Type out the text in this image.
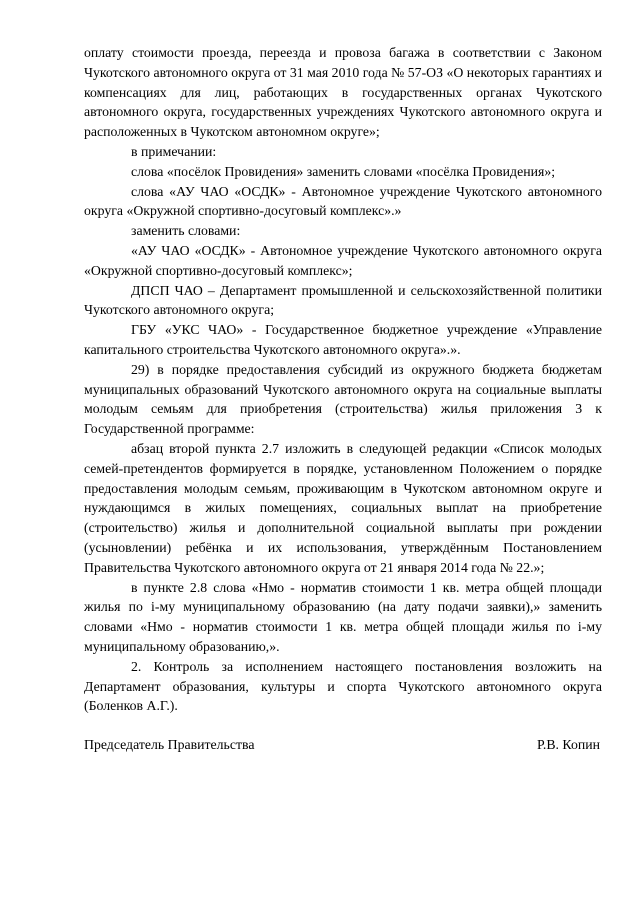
оплату стоимости проезда, переезда и провоза багажа в соответствии с Законом Чукотского автономного округа от 31 мая 2010 года № 57-ОЗ «О некоторых гарантиях и компенсациях для лиц, работающих в государственных органах Чукотского автономного округа, государственных учреждениях Чукотского автономного округа и расположенных в Чукотском автономном округе»;

в примечании:

слова «посёлок Провидения» заменить словами «посёлка Провидения»;

слова «АУ ЧАО «ОСДК» - Автономное учреждение Чукотского автономного округа «Окружной спортивно-досуговый комплекс».»

заменить словами:

«АУ ЧАО «ОСДК» - Автономное учреждение Чукотского автономного округа «Окружной спортивно-досуговый комплекс»;

ДПСП ЧАО – Департамент промышленной и сельскохозяйственной политики Чукотского автономного округа;

ГБУ «УКС ЧАО» - Государственное бюджетное учреждение «Управление капитального строительства Чукотского автономного округа».».

29) в порядке предоставления субсидий из окружного бюджета бюджетам муниципальных образований Чукотского автономного округа на социальные выплаты молодым семьям для приобретения (строительства) жилья приложения 3 к Государственной программе:

абзац второй пункта 2.7 изложить в следующей редакции «Список молодых семей-претендентов формируется в порядке, установленном Положением о порядке предоставления молодым семьям, проживающим в Чукотском автономном округе и нуждающимся в жилых помещениях, социальных выплат на приобретение (строительство) жилья и дополнительной социальной выплаты при рождении (усыновлении) ребёнка и их использования, утверждённым Постановлением Правительства Чукотского автономного округа от 21 января 2014 года № 22.»;

в пункте 2.8 слова «Нмо - норматив стоимости 1 кв. метра общей площади жилья по i-му муниципальному образованию (на дату подачи заявки),» заменить словами «Нмо - норматив стоимости 1 кв. метра общей площади жилья по i-му муниципальному образованию,».

2. Контроль за исполнением настоящего постановления возложить на Департамент образования, культуры и спорта Чукотского автономного округа (Боленков А.Г.).

Председатель Правительства	Р.В. Копин
